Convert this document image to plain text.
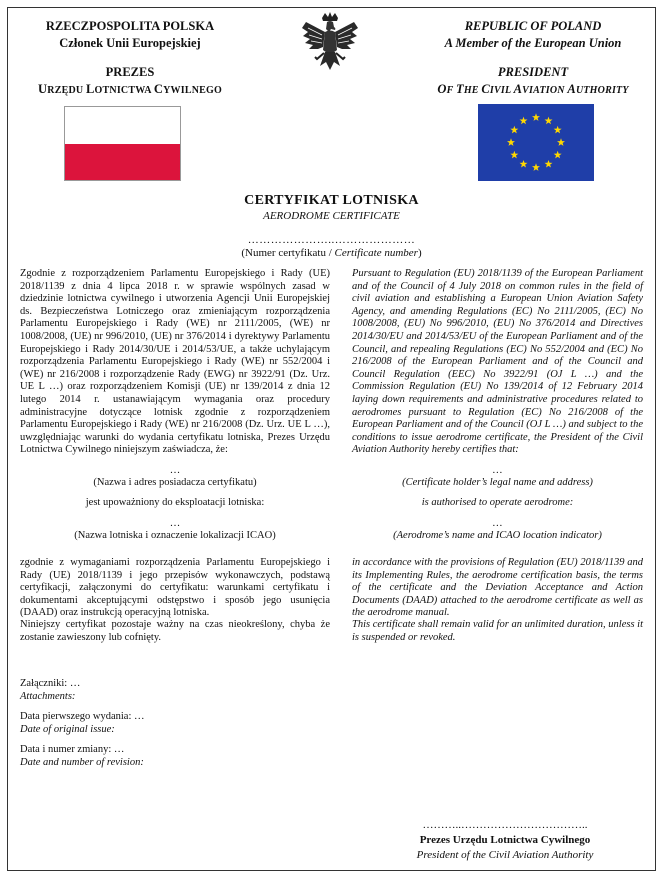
RZECZPOSPOLITA POLSKA
Członek Unii Europejskiej
PREZES
URZĘDU LOTNICTWA CYWILNEGO
REPUBLIC OF POLAND
A Member of the European Union
PRESIDENT
OF THE CIVIL AVIATION AUTHORITY
CERTYFIKAT LOTNISKA
AERODROME CERTIFICATE
…………………..…………………
(Numer certyfikatu / Certificate number)
Zgodnie z rozporządzeniem Parlamentu Europejskiego i Rady (UE) 2018/1139 z dnia 4 lipca 2018 r. w sprawie wspólnych zasad w dziedzinie lotnictwa cywilnego i utworzenia Agencji Unii Europejskiej ds. Bezpieczeństwa Lotniczego oraz zmieniającym rozporządzenia Parlamentu Europejskiego i Rady (WE) nr 2111/2005, (WE) nr 1008/2008, (UE) nr 996/2010, (UE) nr 376/2014 i dyrektywy Parlamentu Europejskiego i Rady 2014/30/UE i 2014/53/UE, a także uchylającym rozporządzenia Parlamentu Europejskiego i Rady (WE) nr 552/2004 i (WE) nr 216/2008 i rozporządzenie Rady (EWG) nr 3922/91 (Dz. Urz. UE L …) oraz rozporządzeniem Komisji (UE) nr 139/2014 z dnia 12 lutego 2014 r. ustanawiającym wymagania oraz procedury administracyjne dotyczące lotnisk zgodnie z rozporządzeniem Parlamentu Europejskiego i Rady (WE) nr 216/2008 (Dz. Urz. UE L …), uwzględniając warunki do wydania certyfikatu lotniska, Prezes Urzędu Lotnictwa Cywilnego niniejszym zaświadcza, że:
Pursuant to Regulation (EU) 2018/1139 of the European Parliament and of the Council of 4 July 2018 on common rules in the field of civil aviation and establishing a European Union Aviation Safety Agency, and amending Regulations (EC) No 2111/2005, (EC) No 1008/2008, (EU) No 996/2010, (EU) No 376/2014 and Directives 2014/30/EU and 2014/53/EU of the European Parliament and of the Council, and repealing Regulations (EC) No 552/2004 and (EC) No 216/2008 of the European Parliament and of the Council and Council Regulation (EEC) No 3922/91 (OJ L …) and the Commission Regulation (EU) No 139/2014 of 12 February 2014 laying down requirements and administrative procedures related to aerodromes pursuant to Regulation (EC) No 216/2008 of the European Parliament and of the Council (OJ L …) and subject to the conditions to issue aerodrome certificate, the President of the Civil Aviation Authority hereby certifies that:
…	…
(Nazwa i adres posiadacza certyfikatu)	(Certificate holder’s legal name and address)
jest upoważniony do eksploatacji lotniska:	is authorised to operate aerodrome:
…	…
(Nazwa lotniska i oznaczenie lokalizacji ICAO)	(Aerodrome’s name and ICAO location indicator)
zgodnie z wymaganiami rozporządzenia Parlamentu Europejskiego i Rady (UE) 2018/1139 i jego przepisów wykonawczych, podstawą certyfikacji, załączonymi do certyfikatu: warunkami certyfikatu i dokumentami akceptującymi odstępstwo i sposób jego usunięcia (DAAD) oraz instrukcją operacyjną lotniska.
in accordance with the provisions of Regulation (EU) 2018/1139 and its Implementing Rules, the aerodrome certification basis, the terms of the certificate and the Deviation Acceptance and Action Documents (DAAD) attached to the aerodrome certificate as well as the aerodrome manual.
Niniejszy certyfikat pozostaje ważny na czas nieokreślony, chyba że zostanie zawieszony lub cofnięty.
This certificate shall remain valid for an unlimited duration, unless it is suspended or revoked.
Załączniki: …
Attachments:
Data pierwszego wydania: …
Date of original issue:
Data i numer zmiany: …
Date and number of revision:
………..……………………………..
Prezes Urzędu Lotnictwa Cywilnego
President of the Civil Aviation Authority
